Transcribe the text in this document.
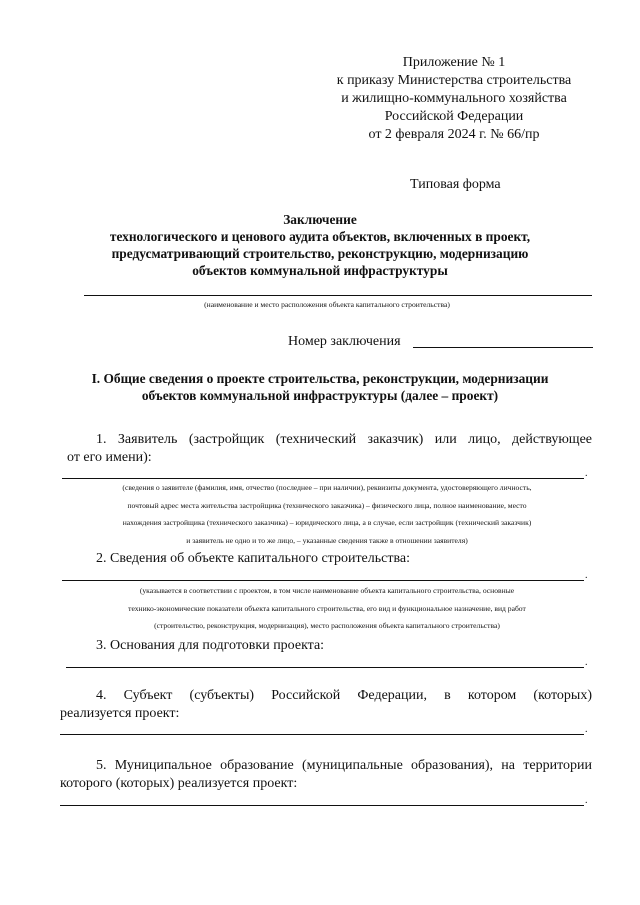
Приложение № 1
к приказу Министерства строительства
и жилищно-коммунального хозяйства
Российской Федерации
от 2 февраля 2024 г. № 66/пр
Типовая форма
Заключение
технологического и ценового аудита объектов, включенных в проект,
предусматривающий строительство, реконструкцию, модернизацию
объектов коммунальной инфраструктуры
(наименование и место расположения объекта капитального строительства)
Номер заключения
I. Общие сведения о проекте строительства, реконструкции, модернизации
объектов коммунальной инфраструктуры (далее – проект)
1. Заявитель (застройщик (технический заказчик) или лицо, действующее
от его имени):
.
(сведения о заявителе (фамилия, имя, отчество (последнее – при наличии), реквизиты документа, удостоверяющего личность,
почтовый адрес места жительства застройщика (технического заказчика) – физического лица, полное наименование, место
нахождения застройщика (технического заказчика) – юридического лица, а в случае, если застройщик (технический заказчик)
и заявитель не одно и то же лицо, – указанные сведения также в отношении заявителя)
2. Сведения об объекте капитального строительства:
.
(указывается в соответствии с проектом, в том числе наименование объекта капитального строительства, основные
технико-экономические показатели объекта капитального строительства, его вид и функциональное назначение, вид работ
(строительство, реконструкция, модернизация), место расположения объекта капитального строительства)
3. Основания для подготовки проекта:
.
4. Субъект (субъекты) Российской Федерации, в котором (которых)
реализуется проект:
.
5. Муниципальное образование (муниципальные образования), на территории
которого (которых) реализуется проект:
.
